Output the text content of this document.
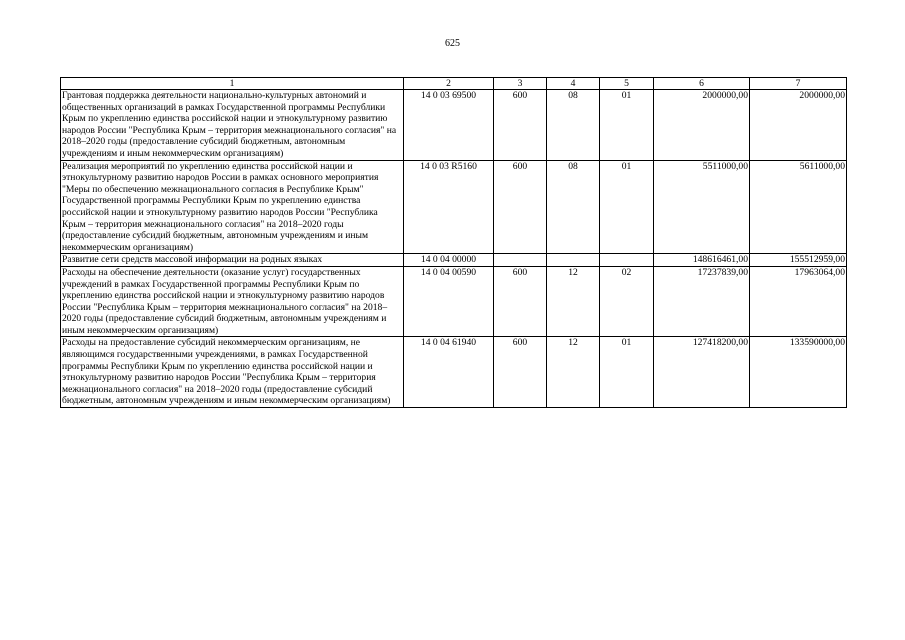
625
1	2	3	4	5	6	7
Грантовая поддержка деятельности национально-культурных автономий и общественных организаций в рамках Государственной программы Республики Крым по укреплению единства российской нации и этнокультурному развитию народов России "Республика Крым – территория межнационального согласия" на 2018–2020 годы (предоставление субсидий бюджетным, автономным учреждениям и иным некоммерческим организациям)	14 0 03 69500	600	08	01	2000000,00	2000000,00
Реализация мероприятий по укреплению единства российской нации и этнокультурному развитию народов России в рамках основного мероприятия "Меры по обеспечению межнационального согласия в Республике Крым" Государственной программы Республики Крым по укреплению единства российской нации и этнокультурному развитию народов России "Республика Крым – территория межнационального согласия" на 2018–2020 годы (предоставление субсидий бюджетным, автономным учреждениям и иным некоммерческим организациям)	14 0 03 R5160	600	08	01	5511000,00	5611000,00
Развитие сети средств массовой информации на родных языках	14 0 04 00000				148616461,00	155512959,00
Расходы на обеспечение деятельности (оказание услуг) государственных учреждений в рамках Государственной программы Республики Крым по укреплению единства российской нации и этнокультурному развитию народов России "Республика Крым – территория межнационального согласия" на 2018–2020 годы (предоставление субсидий бюджетным, автономным учреждениям и иным некоммерческим организациям)	14 0 04 00590	600	12	02	17237839,00	17963064,00
Расходы на предоставление субсидий некоммерческим организациям, не являющимся государственными учреждениями, в рамках Государственной программы Республики Крым по укреплению единства российской нации и этнокультурному развитию народов России "Республика Крым – территория межнационального согласия" на 2018–2020 годы (предоставление субсидий бюджетным, автономным учреждениям и иным некоммерческим организациям)	14 0 04 61940	600	12	01	127418200,00	133590000,00
